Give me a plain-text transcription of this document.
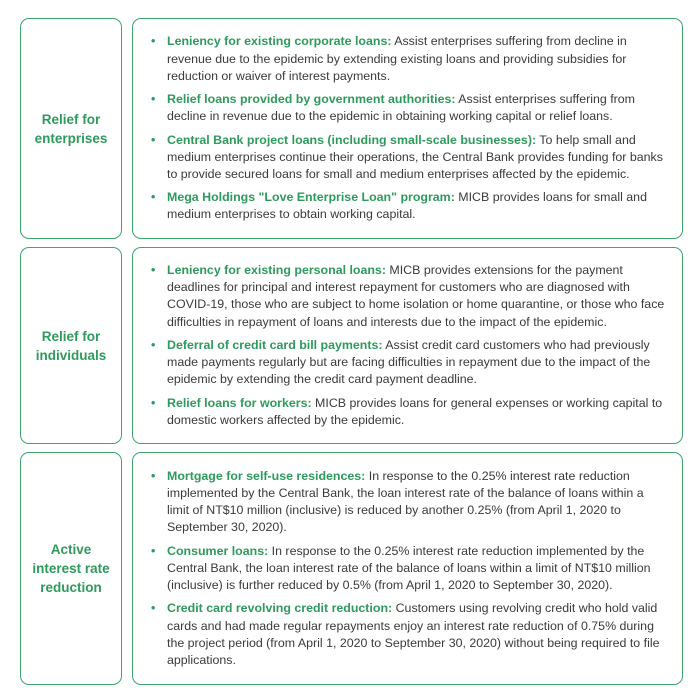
Relief for enterprises
• Leniency for existing corporate loans: Assist enterprises suffering from decline in revenue due to the epidemic by extending existing loans and providing subsidies for reduction or waiver of interest payments.
• Relief loans provided by government authorities: Assist enterprises suffering from decline in revenue due to the epidemic in obtaining working capital or relief loans.
• Central Bank project loans (including small-scale businesses): To help small and medium enterprises continue their operations, the Central Bank provides funding for banks to provide secured loans for small and medium enterprises affected by the epidemic.
• Mega Holdings "Love Enterprise Loan" program: MICB provides loans for small and medium enterprises to obtain working capital.
Relief for individuals
• Leniency for existing personal loans: MICB provides extensions for the payment deadlines for principal and interest repayment for customers who are diagnosed with COVID-19, those who are subject to home isolation or home quarantine, or those who face difficulties in repayment of loans and interests due to the impact of the epidemic.
• Deferral of credit card bill payments: Assist credit card customers who had previously made payments regularly but are facing difficulties in repayment due to the impact of the epidemic by extending the credit card payment deadline.
• Relief loans for workers: MICB provides loans for general expenses or working capital to domestic workers affected by the epidemic.
Active interest rate reduction
• Mortgage for self-use residences: In response to the 0.25% interest rate reduction implemented by the Central Bank, the loan interest rate of the balance of loans within a limit of NT$10 million (inclusive) is reduced by another 0.25% (from April 1, 2020 to September 30, 2020).
• Consumer loans: In response to the 0.25% interest rate reduction implemented by the Central Bank, the loan interest rate of the balance of loans within a limit of NT$10 million (inclusive) is further reduced by 0.5% (from April 1, 2020 to September 30, 2020).
• Credit card revolving credit reduction: Customers using revolving credit who hold valid cards and had made regular repayments enjoy an interest rate reduction of 0.75% during the project period (from April 1, 2020 to September 30, 2020) without being required to file applications.
